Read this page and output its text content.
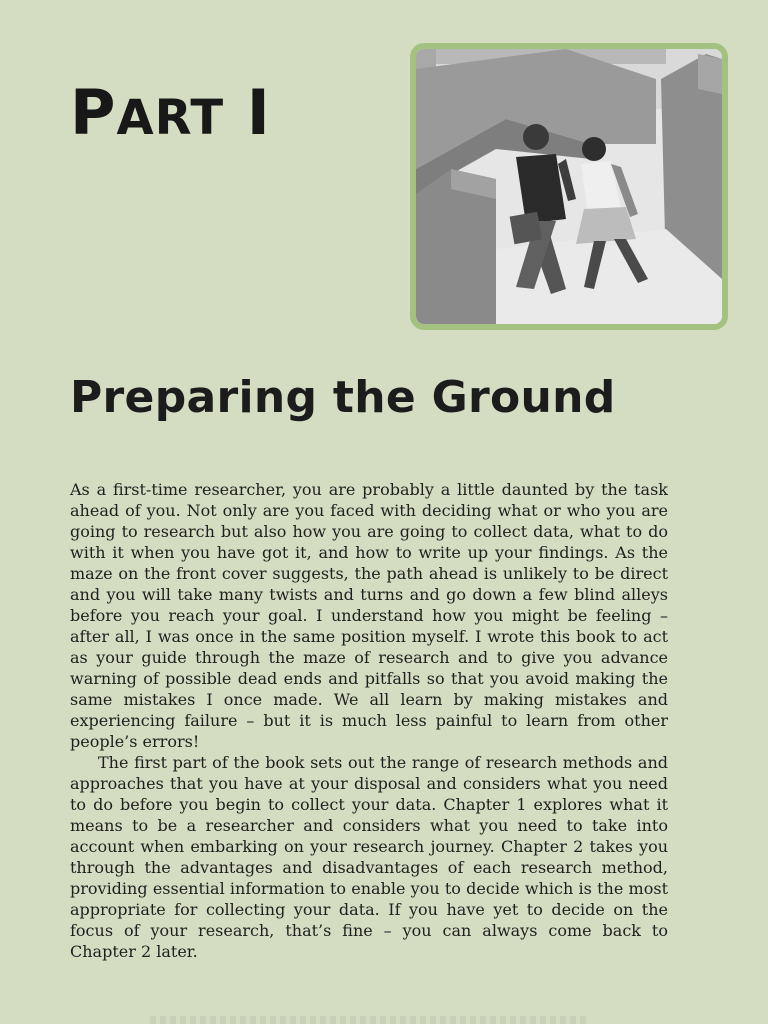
PART I
Preparing the Ground

As a first-time researcher, you are probably a little daunted by the task ahead of you. Not only are you faced with deciding what or who you are going to research but also how you are going to collect data, what to do with it when you have got it, and how to write up your findings. As the maze on the front cover suggests, the path ahead is unlikely to be direct and you will take many twists and turns and go down a few blind alleys before you reach your goal. I understand how you might be feeling – after all, I was once in the same position myself. I wrote this book to act as your guide through the maze of research and to give you advance warning of possible dead ends and pitfalls so that you avoid making the same mistakes I once made. We all learn by making mistakes and experiencing failure – but it is much less painful to learn from other people’s errors!

The first part of the book sets out the range of research methods and approaches that you have at your disposal and considers what you need to do before you begin to collect your data. Chapter 1 explores what it means to be a researcher and considers what you need to take into account when embarking on your research journey. Chapter 2 takes you through the advantages and disadvantages of each research method, providing essential information to enable you to decide which is the most appropriate for collecting your data. If you have yet to decide on the focus of your research, that’s fine – you can always come back to Chapter 2 later.
